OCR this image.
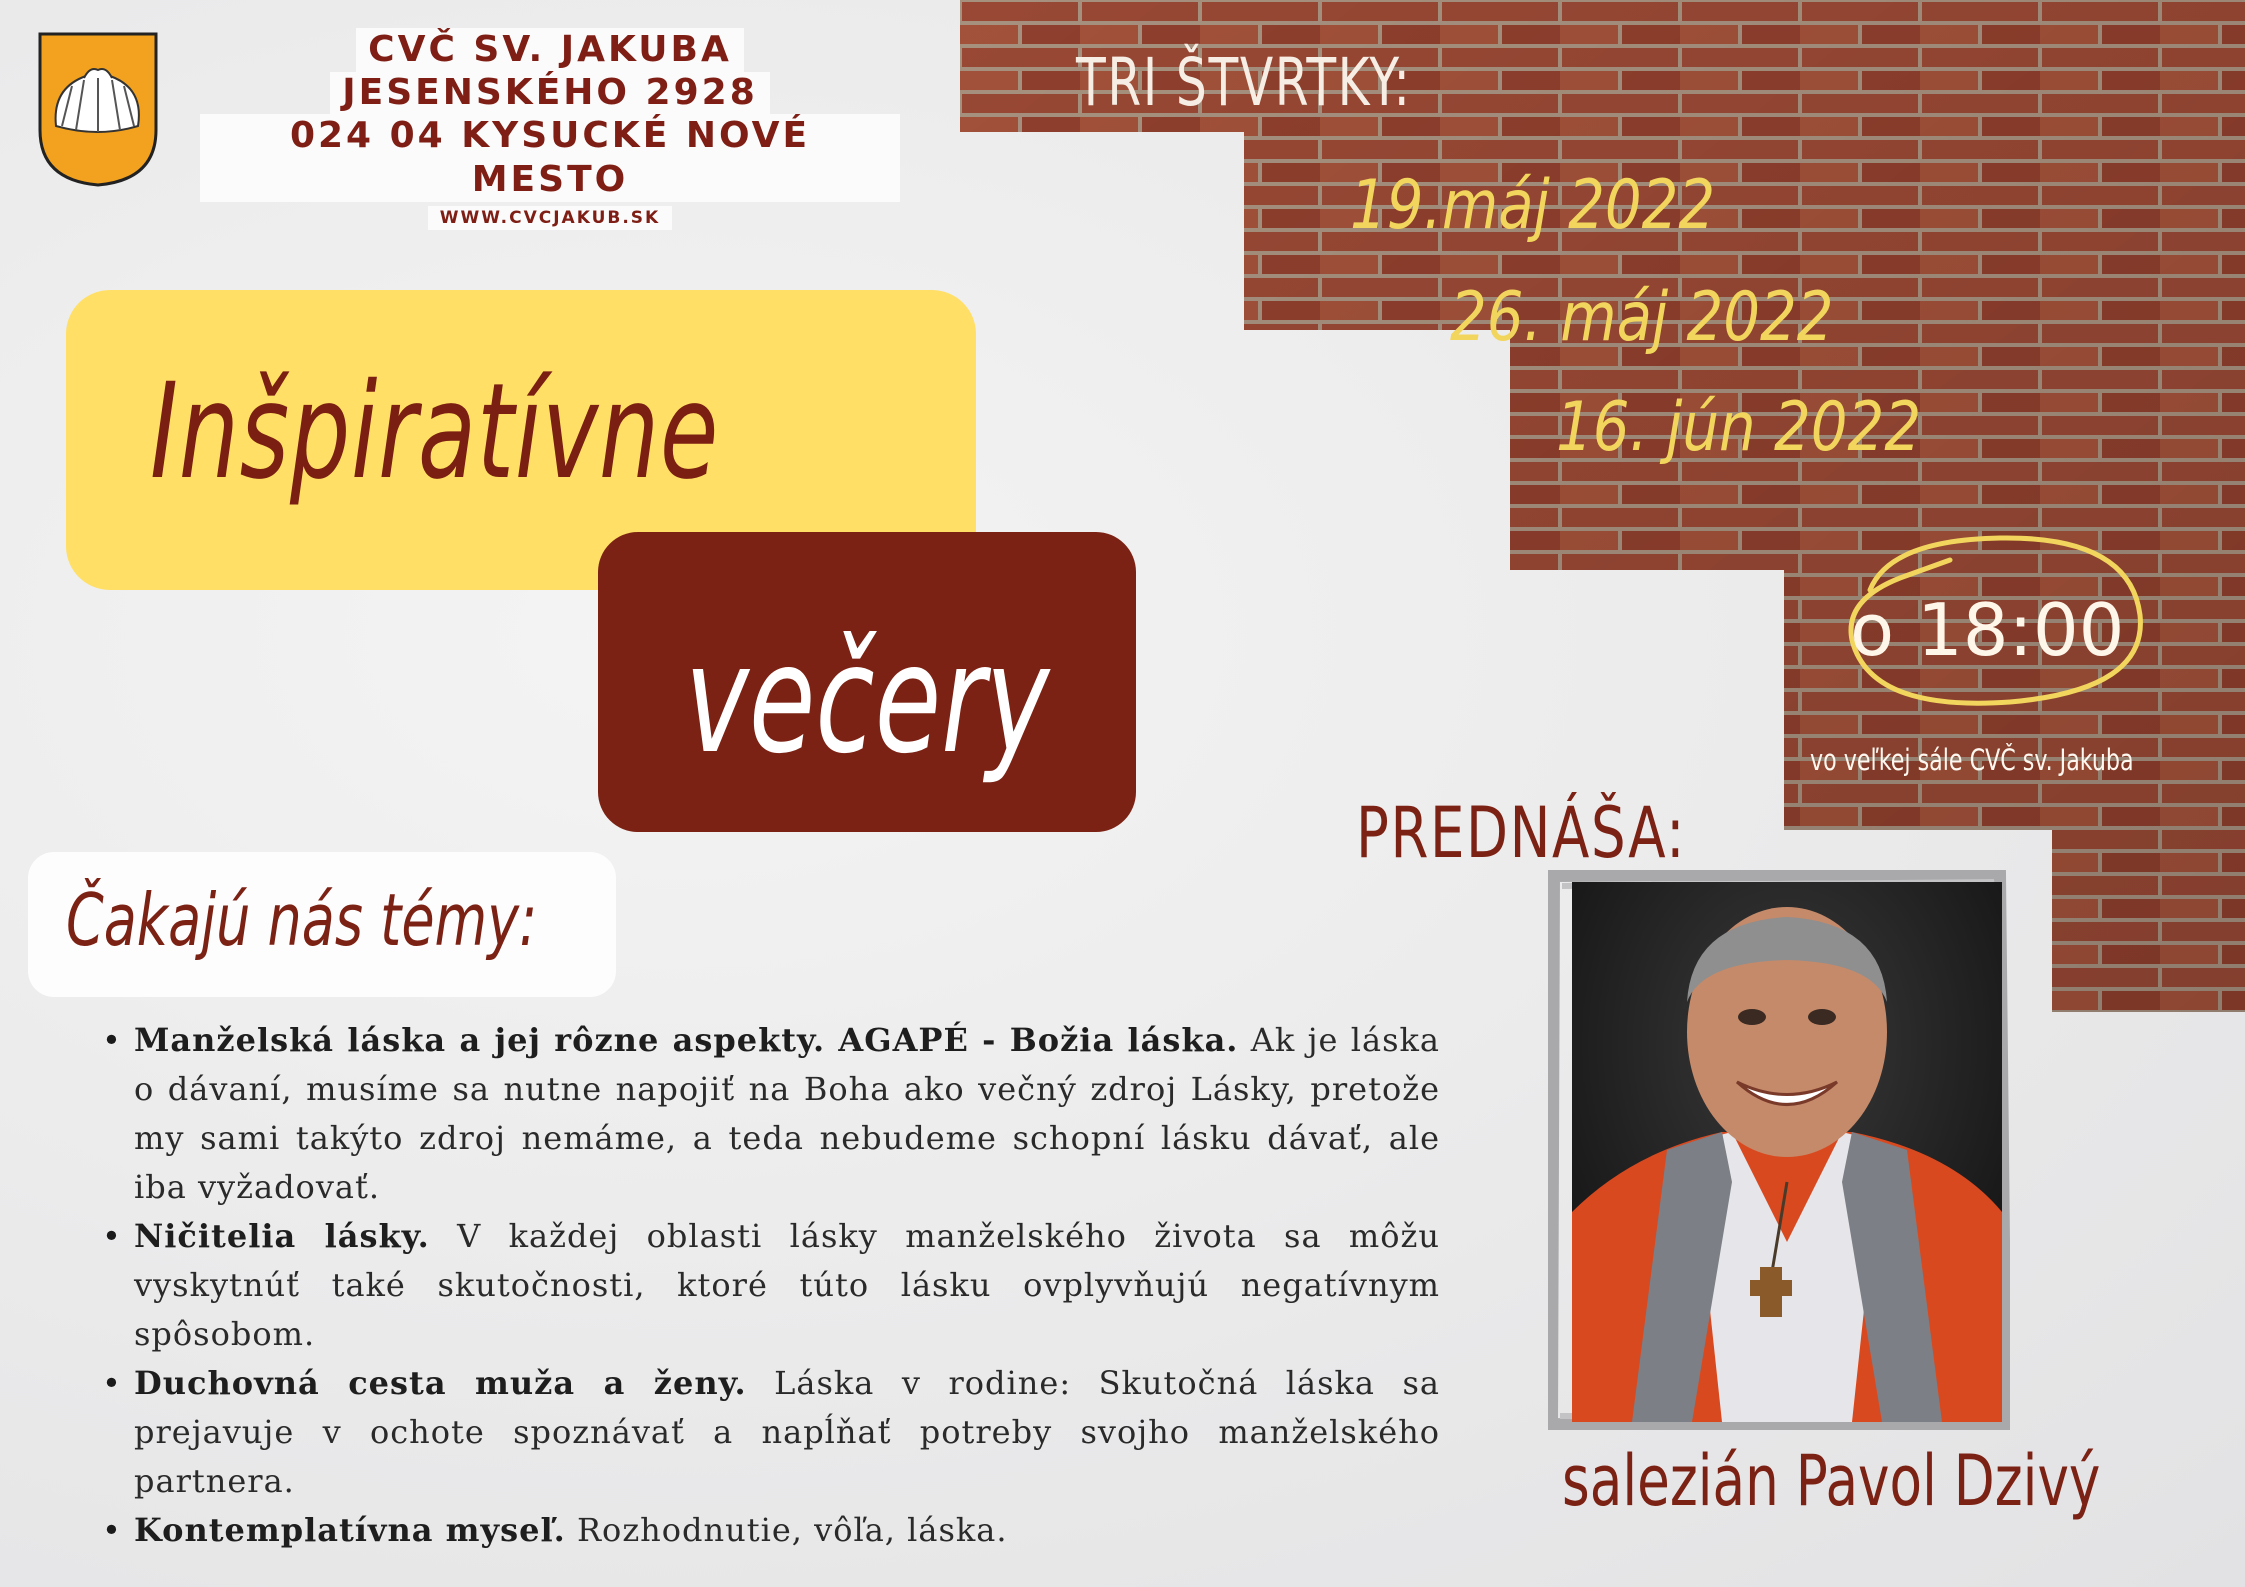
CVČ SV. JAKUBA
JESENSKÉHO 2928
024 04 KYSUCKÉ NOVÉ MESTO
WWW.CVCJAKUB.SK
TRI ŠTVRTKY:
19.máj 2022
26. máj 2022
16. jún 2022
o 18:00
vo veľkej sále CVČ sv. Jakuba
Inšpiratívne
večery
Čakajú nás témy:
• Manželská láska a jej rôzne aspekty. AGAPÉ - Božia láska. Ak je láska o dávaní, musíme sa nutne napojiť na Boha ako večný zdroj Lásky, pretože my sami takýto zdroj nemáme, a teda nebudeme schopní lásku dávať, ale iba vyžadovať.
• Ničitelia lásky. V každej oblasti lásky manželského života sa môžu vyskytnúť také skutočnosti, ktoré túto lásku ovplyvňujú negatívnym spôsobom.
• Duchovná cesta muža a ženy. Láska v rodine: Skutočná láska sa prejavuje v ochote spoznávať a napĺňať potreby svojho manželského partnera.
• Kontemplatívna myseľ. Rozhodnutie, vôľa, láska.
PREDNÁŠA:
salezián Pavol Dzivý
